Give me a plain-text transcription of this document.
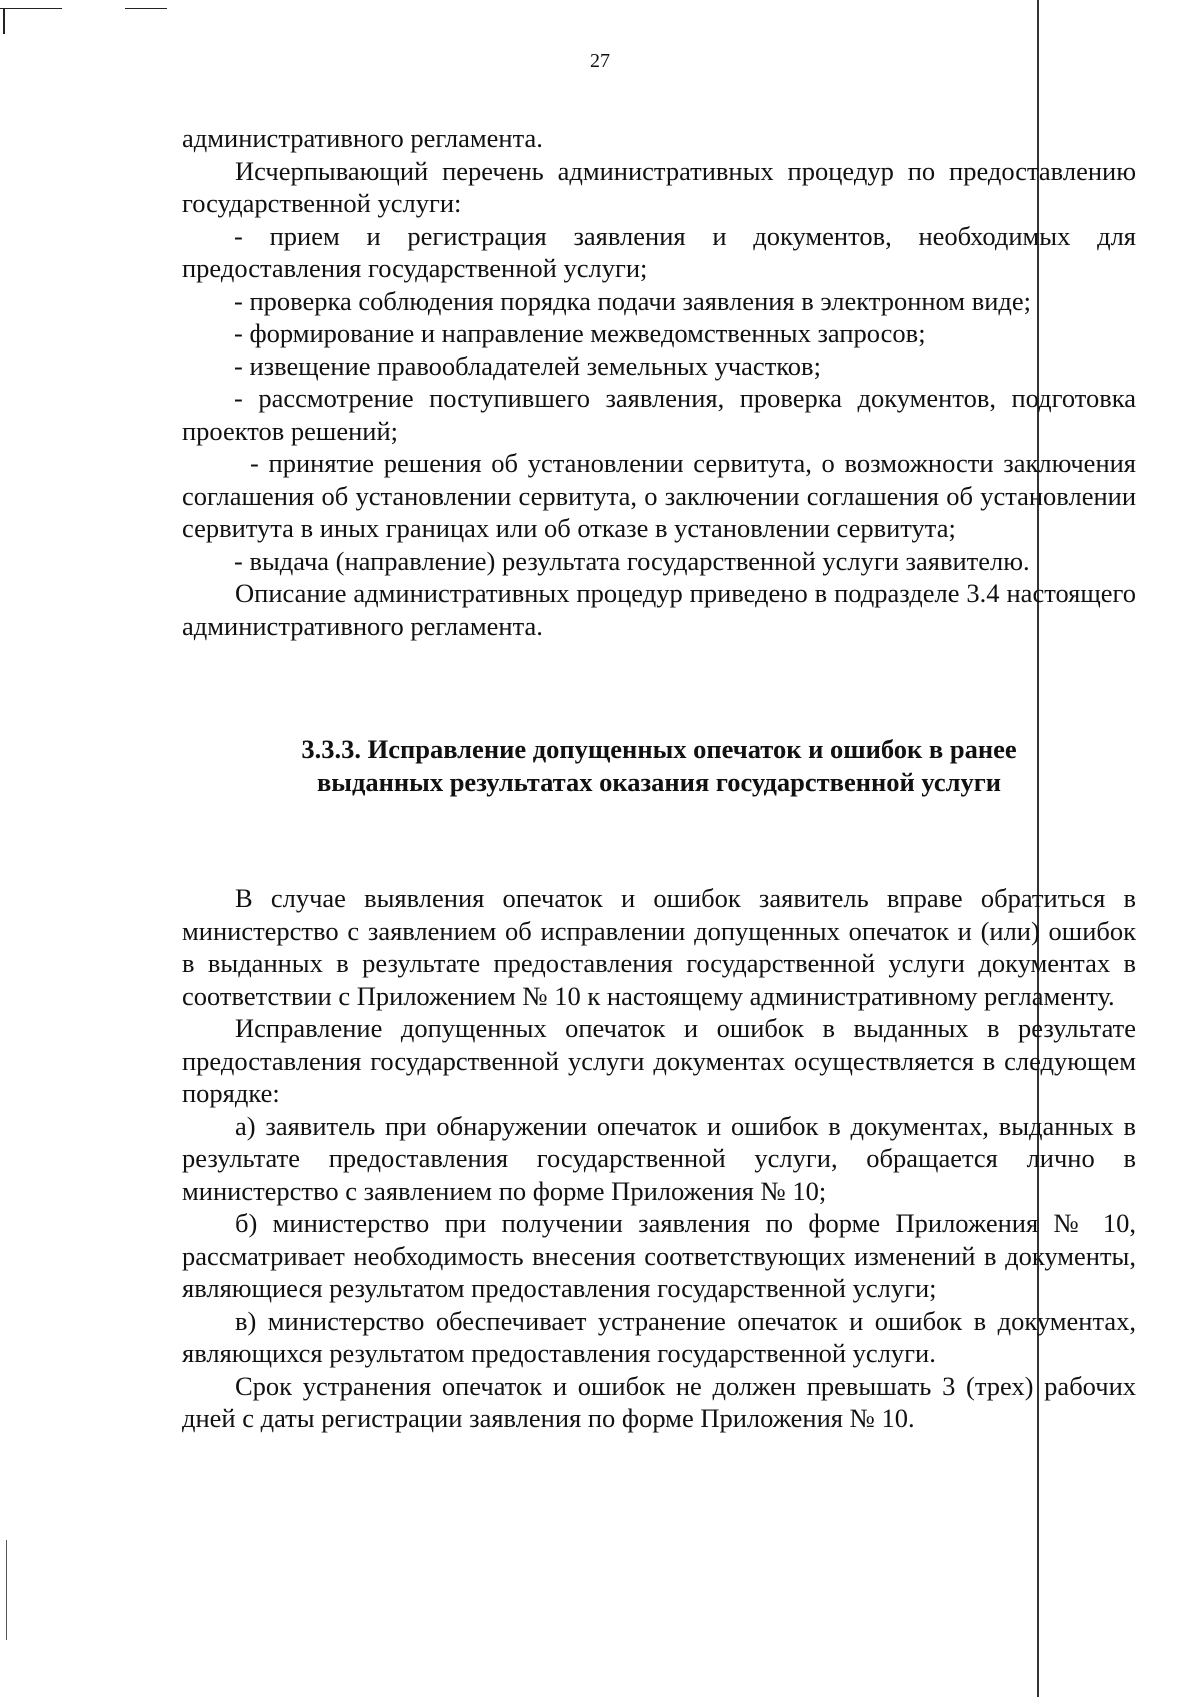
27

административного регламента.

Исчерпывающий перечень административных процедур по предоставлению государственной услуги:

- прием и регистрация заявления и документов, необходимых для предоставления государственной услуги;

- проверка соблюдения порядка подачи заявления в электронном виде;

- формирование и направление межведомственных запросов;

- извещение правообладателей земельных участков;

- рассмотрение поступившего заявления, проверка документов, подготовка проектов решений;

- принятие решения об установлении сервитута, о возможности заключения соглашения об установлении сервитута, о заключении соглашения об установлении сервитута в иных границах или об отказе в установлении сервитута;

- выдача (направление) результата государственной услуги заявителю.

Описание административных процедур приведено в подразделе 3.4 настоящего административного регламента.

3.3.3. Исправление допущенных опечаток и ошибок в ранее выданных результатах оказания государственной услуги

В случае выявления опечаток и ошибок заявитель вправе обратиться в министерство с заявлением об исправлении допущенных опечаток и (или) ошибок в выданных в результате предоставления государственной услуги документах в соответствии с Приложением № 10 к настоящему административному регламенту.

Исправление допущенных опечаток и ошибок в выданных в результате предоставления государственной услуги документах осуществляется в следующем порядке:

а) заявитель при обнаружении опечаток и ошибок в документах, выданных в результате предоставления государственной услуги, обращается лично в министерство с заявлением по форме Приложения № 10;

б) министерство при получении заявления по форме Приложения № 10, рассматривает необходимость внесения соответствующих изменений в документы, являющиеся результатом предоставления государственной услуги;

в) министерство обеспечивает устранение опечаток и ошибок в документах, являющихся результатом предоставления государственной услуги.

Срок устранения опечаток и ошибок не должен превышать 3 (трех) рабочих дней с даты регистрации заявления по формe Приложения № 10.
